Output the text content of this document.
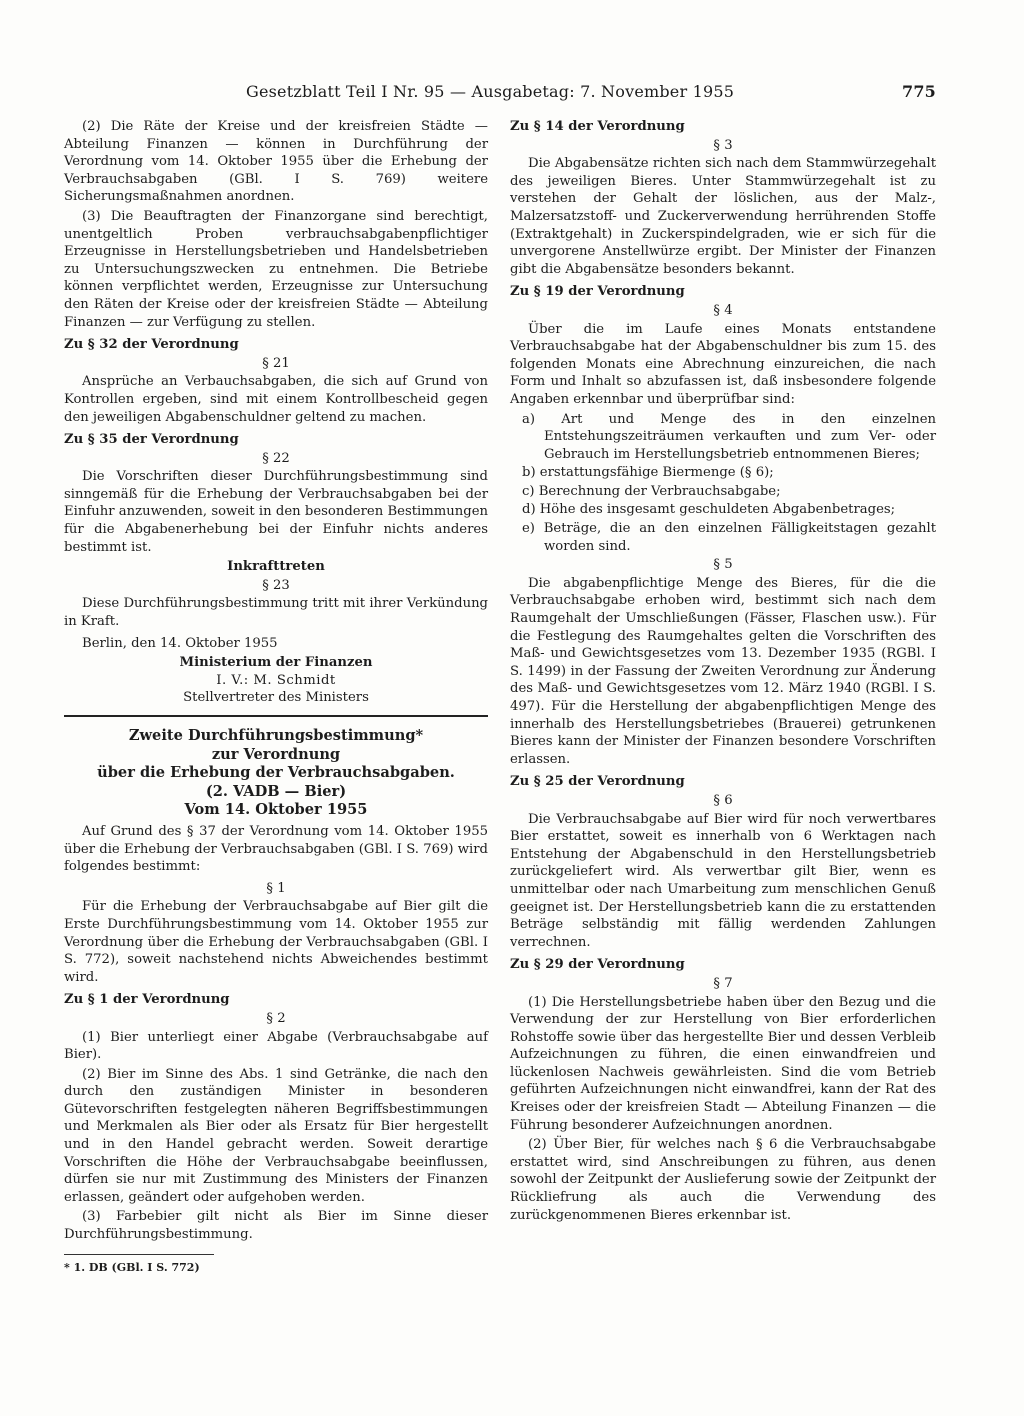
Gesetzblatt Teil I Nr. 95 — Ausgabetag: 7. November 1955	775

(2) Die Räte der Kreise und der kreisfreien Städte — Abteilung Finanzen — können in Durchführung der Verordnung vom 14. Oktober 1955 über die Erhebung der Verbrauchsabgaben (GBl. I S. 769) weitere Sicherungsmaßnahmen anordnen.

(3) Die Beauftragten der Finanzorgane sind berechtigt, unentgeltlich Proben verbrauchsabgabenpflichtiger Erzeugnisse in Herstellungsbetrieben und Handelsbetrieben zu Untersuchungszwecken zu entnehmen. Die Betriebe können verpflichtet werden, Erzeugnisse zur Untersuchung den Räten der Kreise oder der kreisfreien Städte — Abteilung Finanzen — zur Verfügung zu stellen.

Zu § 32 der Verordnung

§ 21

Ansprüche an Verbauchsabgaben, die sich auf Grund von Kontrollen ergeben, sind mit einem Kontrollbescheid gegen den jeweiligen Abgabenschuldner geltend zu machen.

Zu § 35 der Verordnung

§ 22

Die Vorschriften dieser Durchführungsbestimmung sind sinngemäß für die Erhebung der Verbrauchsabgaben bei der Einfuhr anzuwenden, soweit in den besonderen Bestimmungen für die Abgabenerhebung bei der Einfuhr nichts anderes bestimmt ist.

Inkrafttreten

§ 23

Diese Durchführungsbestimmung tritt mit ihrer Verkündung in Kraft.

Berlin, den 14. Oktober 1955

Ministerium der Finanzen

I. V.: M. Schmidt

Stellvertreter des Ministers

Zweite Durchführungsbestimmung*

zur Verordnung

über die Erhebung der Verbrauchsabgaben.

(2. VADB — Bier)

Vom 14. Oktober 1955

Auf Grund des § 37 der Verordnung vom 14. Oktober 1955 über die Erhebung der Verbrauchsabgaben (GBl. I S. 769) wird folgendes bestimmt:

§ 1

Für die Erhebung der Verbrauchsabgabe auf Bier gilt die Erste Durchführungsbestimmung vom 14. Oktober 1955 zur Verordnung über die Erhebung der Verbrauchsabgaben (GBl. I S. 772), soweit nachstehend nichts Abweichendes bestimmt wird.

Zu § 1 der Verordnung

§ 2

(1) Bier unterliegt einer Abgabe (Verbrauchsabgabe auf Bier).

(2) Bier im Sinne des Abs. 1 sind Getränke, die nach den durch den zuständigen Minister in besonderen Gütevorschriften festgelegten näheren Begriffsbestimmungen und Merkmalen als Bier oder als Ersatz für Bier hergestellt und in den Handel gebracht werden. Soweit derartige Vorschriften die Höhe der Verbrauchsabgabe beeinflussen, dürfen sie nur mit Zustimmung des Ministers der Finanzen erlassen, geändert oder aufgehoben werden.

(3) Farbebier gilt nicht als Bier im Sinne dieser Durchführungsbestimmung.

* 1. DB (GBl. I S. 772)

Zu § 14 der Verordnung

§ 3

Die Abgabensätze richten sich nach dem Stammwürzegehalt des jeweiligen Bieres. Unter Stammwürzegehalt ist zu verstehen der Gehalt der löslichen, aus der Malz-, Malzersatzstoff- und Zuckerverwendung herrührenden Stoffe (Extraktgehalt) in Zuckerspindelgraden, wie er sich für die unvergorene Anstellwürze ergibt. Der Minister der Finanzen gibt die Abgabensätze besonders bekannt.

Zu § 19 der Verordnung

§ 4

Über die im Laufe eines Monats entstandene Verbrauchsabgabe hat der Abgabenschuldner bis zum 15. des folgenden Monats eine Abrechnung einzureichen, die nach Form und Inhalt so abzufassen ist, daß insbesondere folgende Angaben erkennbar und überprüfbar sind:

a) Art und Menge des in den einzelnen Entstehungszeiträumen verkauften und zum Ver- oder Gebrauch im Herstellungsbetrieb entnommenen Bieres;

b) erstattungsfähige Biermenge (§ 6);

c) Berechnung der Verbrauchsabgabe;

d) Höhe des insgesamt geschuldeten Abgabenbetrages;

e) Beträge, die an den einzelnen Fälligkeitstagen gezahlt worden sind.

§ 5

Die abgabenpflichtige Menge des Bieres, für die die Verbrauchsabgabe erhoben wird, bestimmt sich nach dem Raumgehalt der Umschließungen (Fässer, Flaschen usw.). Für die Festlegung des Raumgehaltes gelten die Vorschriften des Maß- und Gewichtsgesetzes vom 13. Dezember 1935 (RGBl. I S. 1499) in der Fassung der Zweiten Verordnung zur Änderung des Maß- und Gewichtsgesetzes vom 12. März 1940 (RGBl. I S. 497). Für die Herstellung der abgabenpflichtigen Menge des innerhalb des Herstellungsbetriebes (Brauerei) getrunkenen Bieres kann der Minister der Finanzen besondere Vorschriften erlassen.

Zu § 25 der Verordnung

§ 6

Die Verbrauchsabgabe auf Bier wird für noch verwertbares Bier erstattet, soweit es innerhalb von 6 Werktagen nach Entstehung der Abgabenschuld in den Herstellungsbetrieb zurückgeliefert wird. Als verwertbar gilt Bier, wenn es unmittelbar oder nach Umarbeitung zum menschlichen Genuß geeignet ist. Der Herstellungsbetrieb kann die zu erstattenden Beträge selbständig mit fällig werdenden Zahlungen verrechnen.

Zu § 29 der Verordnung

§ 7

(1) Die Herstellungsbetriebe haben über den Bezug und die Verwendung der zur Herstellung von Bier erforderlichen Rohstoffe sowie über das hergestellte Bier und dessen Verbleib Aufzeichnungen zu führen, die einen einwandfreien und lückenlosen Nachweis gewährleisten. Sind die vom Betrieb geführten Aufzeichnungen nicht einwandfrei, kann der Rat des Kreises oder der kreisfreien Stadt — Abteilung Finanzen — die Führung besonderer Aufzeichnungen anordnen.

(2) Über Bier, für welches nach § 6 die Verbrauchsabgabe erstattet wird, sind Anschreibungen zu führen, aus denen sowohl der Zeitpunkt der Auslieferung sowie der Zeitpunkt der Rückliefrung als auch die Verwendung des zurückgenommenen Bieres erkennbar ist.
